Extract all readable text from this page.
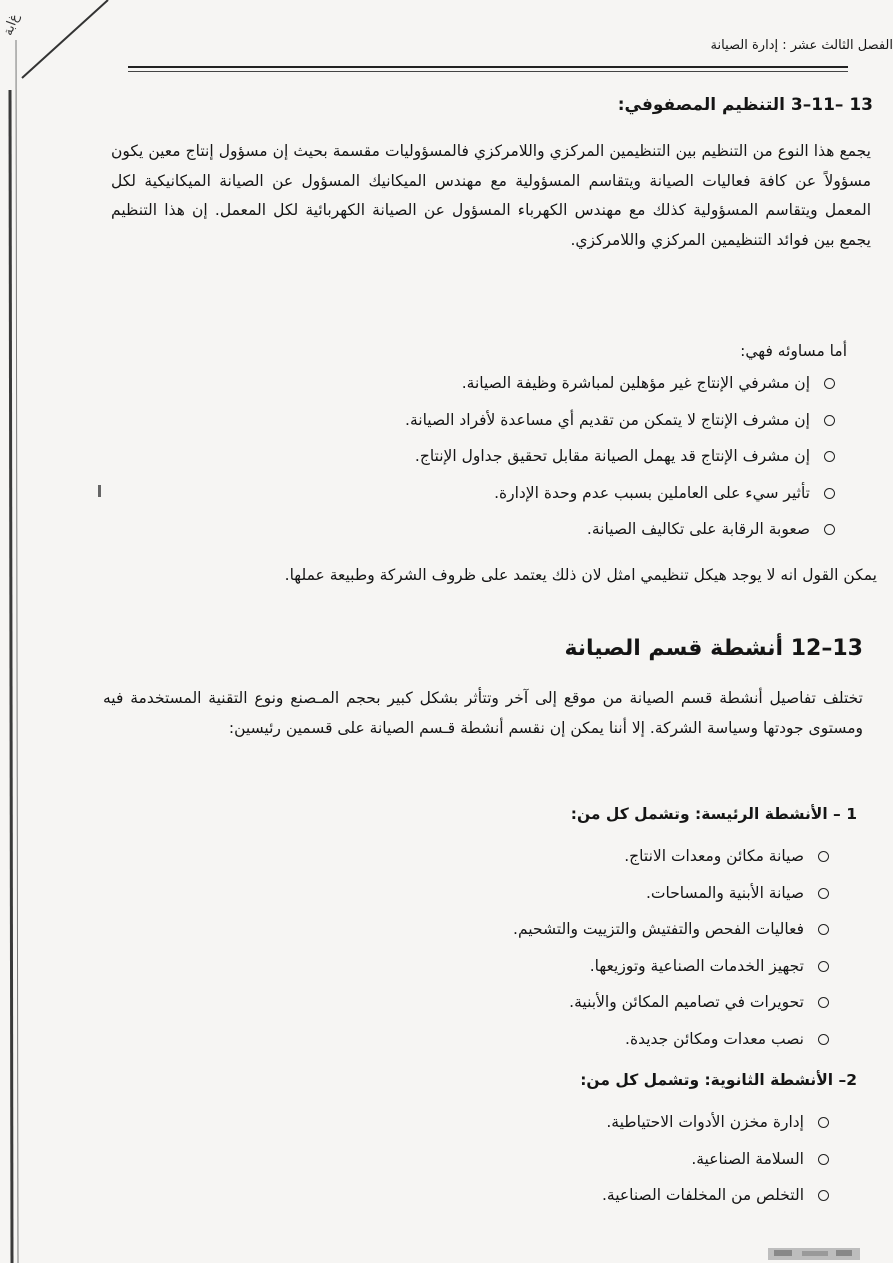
غ‌ابة
الفصل الثالث عشر : إدارة الصيانة
13 –11–3 التنظيم المصفوفي:
يجمع هذا النوع من التنظيم بين التنظيمين المركزي واللامركزي فالمسؤوليات مقسمة بحيث إن مسؤول إنتاج معين يكون مسؤولاً عن كافة فعاليات الصيانة ويتقاسم المسؤولية مع مهندس الميكانيك المسؤول عن الصيانة الميكانيكية لكل المعمل ويتقاسم المسؤولية كذلك مع مهندس الكهرباء المسؤول عن الصيانة الكهربائية لكل المعمل. إن هذا التنظيم يجمع بين فوائد التنظيمين المركزي واللامركزي.
أما مساوئه فهي:
إن مشرفي الإنتاج غير مؤهلين لمباشرة وظيفة الصيانة.
إن مشرف الإنتاج لا يتمكن من تقديم أي مساعدة لأفراد الصيانة.
إن مشرف الإنتاج قد يهمل الصيانة مقابل تحقيق جداول الإنتاج.
تأثير سيء على العاملين بسبب عدم وحدة الإدارة.
صعوبة الرقابة على تكاليف الصيانة.
يمكن القول انه لا يوجد هيكل تنظيمي امثل لان ذلك يعتمد على ظروف الشركة وطبيعة عملها.
13–12 أنشطة قسم الصيانة
تختلف تفاصيل أنشطة قسم الصيانة من موقع إلى آخر وتتأثر بشكل كبير بحجم المـصنع ونوع التقنية المستخدمة فيه ومستوى جودتها وسياسة الشركة. إلا أننا يمكن إن نقسم أنشطة قـسم الصيانة على قسمين رئيسين:
1 – الأنشطة الرئيسة: وتشمل كل من:
صيانة مكائن ومعدات الانتاج.
صيانة الأبنية والمساحات.
فعاليات الفحص والتفتيش والتزييت والتشحيم.
تجهيز الخدمات الصناعية وتوزيعها.
تحويرات في تصاميم المكائن والأبنية.
نصب معدات ومكائن جديدة.
2– الأنشطة الثانوية: وتشمل كل من:
إدارة مخزن الأدوات الاحتياطية.
السلامة الصناعية.
التخلص من المخلفات الصناعية.
